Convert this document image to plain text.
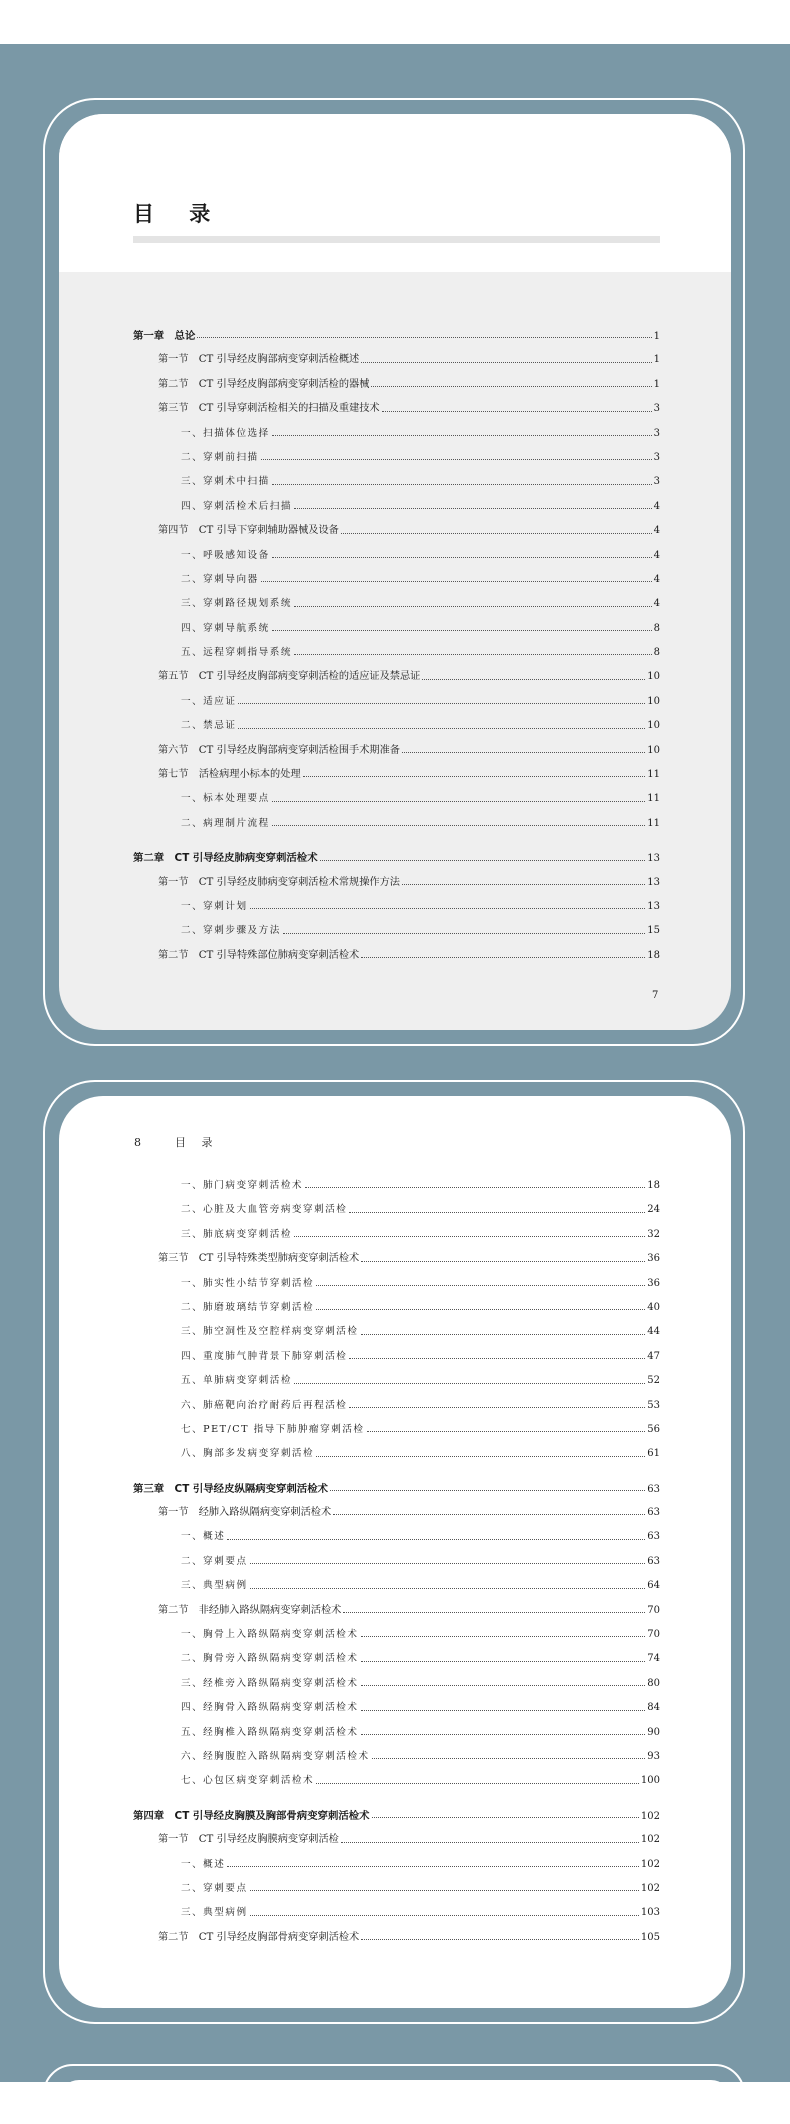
目 录
第一章　总论	1
第一节　CT 引导经皮胸部病变穿刺活检概述	1
第二节　CT 引导经皮胸部病变穿刺活检的器械	1
第三节　CT 引导穿刺活检相关的扫描及重建技术	3
一、扫描体位选择	3
二、穿刺前扫描	3
三、穿刺术中扫描	3
四、穿刺活检术后扫描	4
第四节　CT 引导下穿刺辅助器械及设备	4
一、呼吸感知设备	4
二、穿刺导向器	4
三、穿刺路径规划系统	4
四、穿刺导航系统	8
五、远程穿刺指导系统	8
第五节　CT 引导经皮胸部病变穿刺活检的适应证及禁忌证	10
一、适应证	10
二、禁忌证	10
第六节　CT 引导经皮胸部病变穿刺活检围手术期准备	10
第七节　活检病理小标本的处理	11
一、标本处理要点	11
二、病理制片流程	11
第二章　CT 引导经皮肺病变穿刺活检术	13
第一节　CT 引导经皮肺病变穿刺活检术常规操作方法	13
一、穿刺计划	13
二、穿刺步骤及方法	15
第二节　CT 引导特殊部位肺病变穿刺活检术	18
7
8	目 录
一、肺门病变穿刺活检术	18
二、心脏及大血管旁病变穿刺活检	24
三、肺底病变穿刺活检	32
第三节　CT 引导特殊类型肺病变穿刺活检术	36
一、肺实性小结节穿刺活检	36
二、肺磨玻璃结节穿刺活检	40
三、肺空洞性及空腔样病变穿刺活检	44
四、重度肺气肿背景下肺穿刺活检	47
五、单肺病变穿刺活检	52
六、肺癌靶向治疗耐药后再程活检	53
七、PET/CT 指导下肺肿瘤穿刺活检	56
八、胸部多发病变穿刺活检	61
第三章　CT 引导经皮纵隔病变穿刺活检术	63
第一节　经肺入路纵隔病变穿刺活检术	63
一、概述	63
二、穿刺要点	63
三、典型病例	64
第二节　非经肺入路纵隔病变穿刺活检术	70
一、胸骨上入路纵隔病变穿刺活检术	70
二、胸骨旁入路纵隔病变穿刺活检术	74
三、经椎旁入路纵隔病变穿刺活检术	80
四、经胸骨入路纵隔病变穿刺活检术	84
五、经胸椎入路纵隔病变穿刺活检术	90
六、经胸腹腔入路纵隔病变穿刺活检术	93
七、心包区病变穿刺活检术	100
第四章　CT 引导经皮胸膜及胸部骨病变穿刺活检术	102
第一节　CT 引导经皮胸膜病变穿刺活检	102
一、概述	102
二、穿刺要点	102
三、典型病例	103
第二节　CT 引导经皮胸部骨病变穿刺活检术	105
